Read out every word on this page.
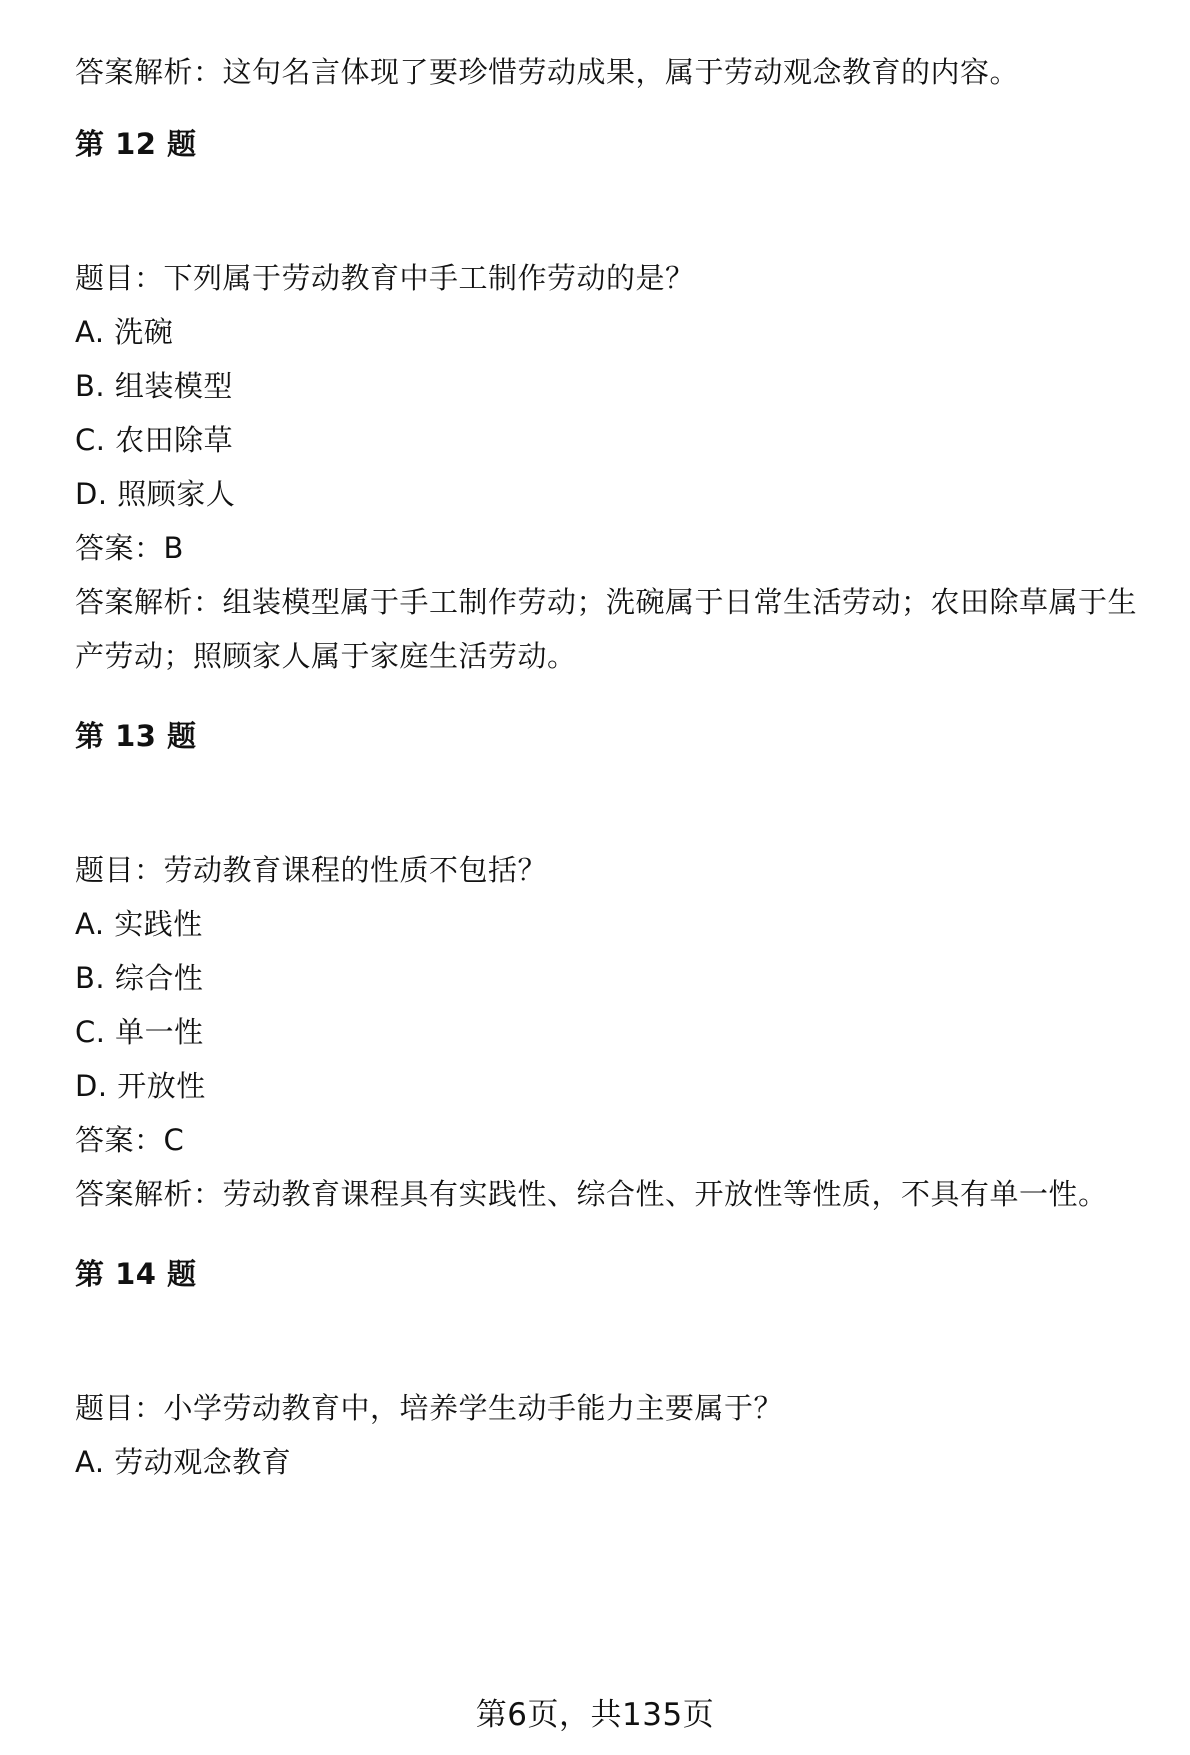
答案解析：这句名言体现了要珍惜劳动成果，属于劳动观念教育的内容。
第 12 题
题目：下列属于劳动教育中手工制作劳动的是？
A. 洗碗
B. 组装模型
C. 农田除草
D. 照顾家人
答案：B
答案解析：组装模型属于手工制作劳动；洗碗属于日常生活劳动；农田除草属于生
产劳动；照顾家人属于家庭生活劳动。
第 13 题
题目：劳动教育课程的性质不包括？
A. 实践性
B. 综合性
C. 单一性
D. 开放性
答案：C
答案解析：劳动教育课程具有实践性、综合性、开放性等性质，不具有单一性。
第 14 题
题目：小学劳动教育中，培养学生动手能力主要属于？
A. 劳动观念教育
第6页，共135页
